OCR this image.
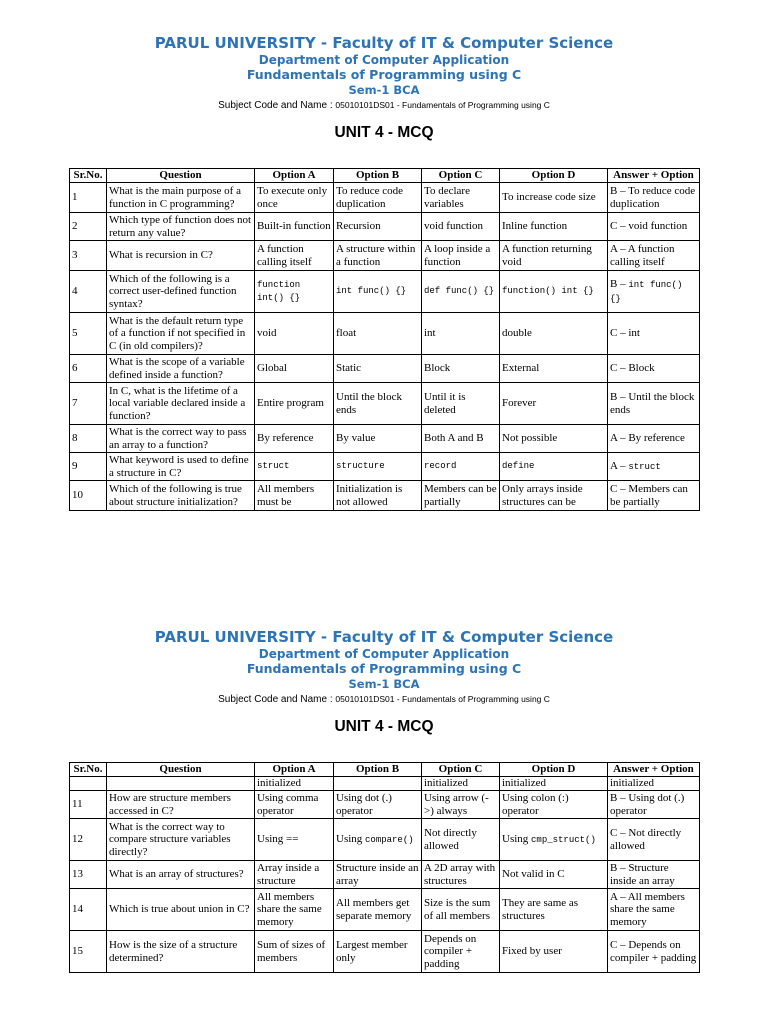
PARUL UNIVERSITY - Faculty of IT & Computer Science
Department of Computer Application
Fundamentals of Programming using C
Sem-1 BCA
Subject Code and Name : 05010101DS01 - Fundamentals of Programming using C
UNIT 4 - MCQ
Sr.No.	Question	Option A	Option B	Option C	Option D	Answer + Option
1	What is the main purpose of a function in C programming?	To execute only once	To reduce code duplication	To declare variables	To increase code size	B – To reduce code duplication
2	Which type of function does not return any value?	Built-in function	Recursion	void function	Inline function	C – void function
3	What is recursion in C?	A function calling itself	A structure within a function	A loop inside a function	A function returning void	A – A function calling itself
4	Which of the following is a correct user-defined function syntax?	function int() {}	int func() {}	def func() {}	function() int {}	B – int func() {}
5	What is the default return type of a function if not specified in C (in old compilers)?	void	float	int	double	C – int
6	What is the scope of a variable defined inside a function?	Global	Static	Block	External	C – Block
7	In C, what is the lifetime of a local variable declared inside a function?	Entire program	Until the block ends	Until it is deleted	Forever	B – Until the block ends
8	What is the correct way to pass an array to a function?	By reference	By value	Both A and B	Not possible	A – By reference
9	What keyword is used to define a structure in C?	struct	structure	record	define	A – struct
10	Which of the following is true about structure initialization?	All members must be	Initialization is not allowed	Members can be partially	Only arrays inside structures can be	C – Members can be partially
PARUL UNIVERSITY - Faculty of IT & Computer Science
Department of Computer Application
Fundamentals of Programming using C
Sem-1 BCA
Subject Code and Name : 05010101DS01 - Fundamentals of Programming using C
UNIT 4 - MCQ
Sr.No.	Question	Option A	Option B	Option C	Option D	Answer + Option
		initialized		initialized	initialized	initialized
11	How are structure members accessed in C?	Using comma operator	Using dot (.) operator	Using arrow (->) always	Using colon (:) operator	B – Using dot (.) operator
12	What is the correct way to compare structure variables directly?	Using ==	Using compare()	Not directly allowed	Using cmp_struct()	C – Not directly allowed
13	What is an array of structures?	Array inside a structure	Structure inside an array	A 2D array with structures	Not valid in C	B – Structure inside an array
14	Which is true about union in C?	All members share the same memory	All members get separate memory	Size is the sum of all members	They are same as structures	A – All members share the same memory
15	How is the size of a structure determined?	Sum of sizes of members	Largest member only	Depends on compiler + padding	Fixed by user	C – Depends on compiler + padding
